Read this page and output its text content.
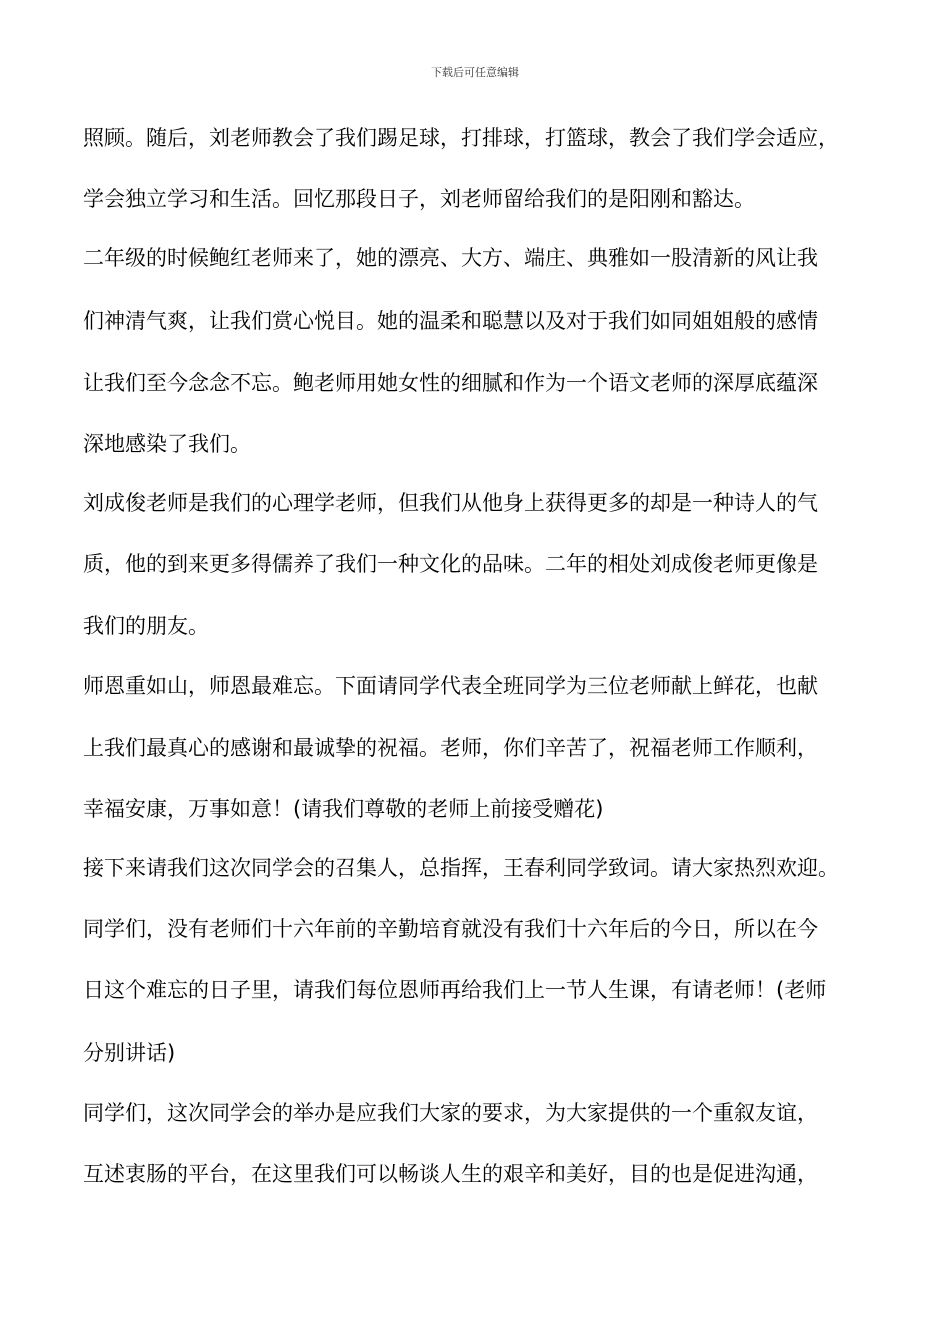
下载后可任意编辑
照顾。随后，刘老师教会了我们踢足球，打排球，打篮球，教会了我们学会适应，
学会独立学习和生活。回忆那段日子，刘老师留给我们的是阳刚和豁达。
二年级的时候鲍红老师来了，她的漂亮、大方、端庄、典雅如一股清新的风让我
们神清气爽，让我们赏心悦目。她的温柔和聪慧以及对于我们如同姐姐般的感情
让我们至今念念不忘。鲍老师用她女性的细腻和作为一个语文老师的深厚底蕴深
深地感染了我们。
刘成俊老师是我们的心理学老师，但我们从他身上获得更多的却是一种诗人的气
质，他的到来更多得儒养了我们一种文化的品味。二年的相处刘成俊老师更像是
我们的朋友。
师恩重如山，师恩最难忘。下面请同学代表全班同学为三位老师献上鲜花，也献
上我们最真心的感谢和最诚挚的祝福。老师，你们辛苦了，祝福老师工作顺利，
幸福安康，万事如意！(请我们尊敬的老师上前接受赠花)
接下来请我们这次同学会的召集人，总指挥，王春利同学致词。请大家热烈欢迎。
同学们，没有老师们十六年前的辛勤培育就没有我们十六年后的今日，所以在今
日这个难忘的日子里，请我们每位恩师再给我们上一节人生课，有请老师！(老师
分别讲话)
同学们，这次同学会的举办是应我们大家的要求，为大家提供的一个重叙友谊，
互述衷肠的平台，在这里我们可以畅谈人生的艰辛和美好，目的也是促进沟通，
